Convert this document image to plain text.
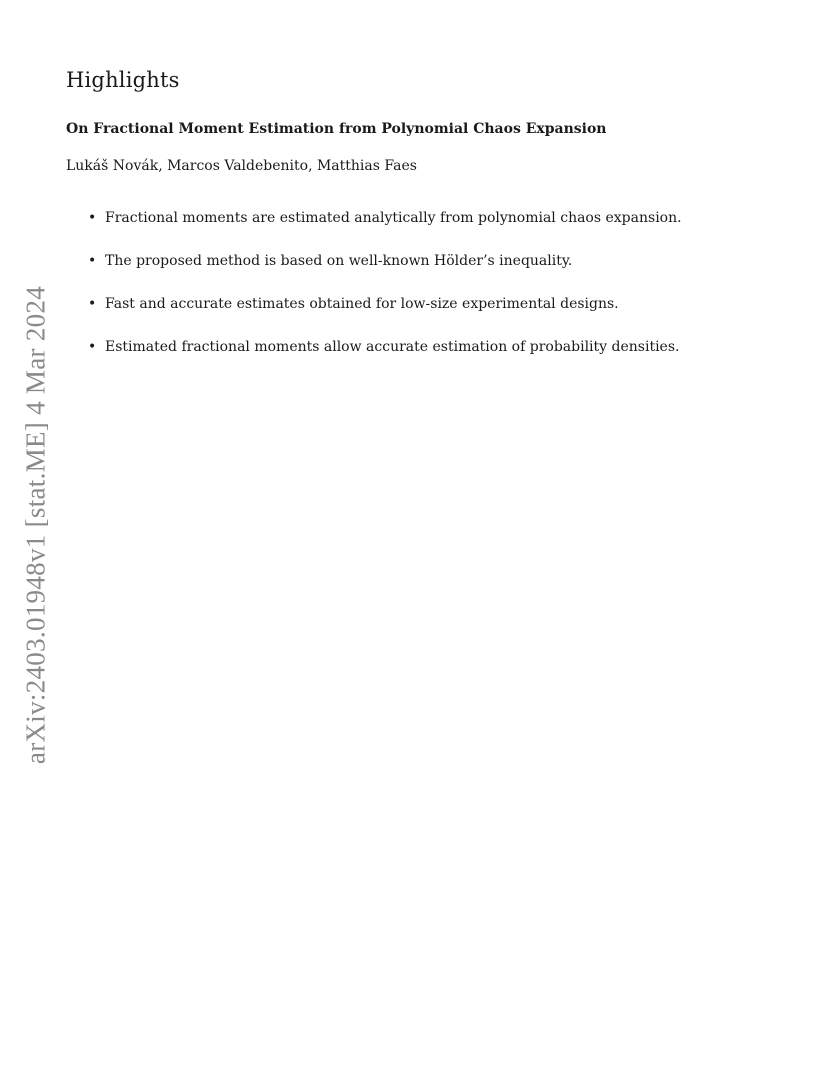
arXiv:2403.01948v1 [stat.ME] 4 Mar 2024
Highlights
On Fractional Moment Estimation from Polynomial Chaos Expansion

Lukáš Novák, Marcos Valdebenito, Matthias Faes

• Fractional moments are estimated analytically from polynomial chaos expansion.
• The proposed method is based on well-known Hölder’s inequality.
• Fast and accurate estimates obtained for low-size experimental designs.
• Estimated fractional moments allow accurate estimation of probability densities.
